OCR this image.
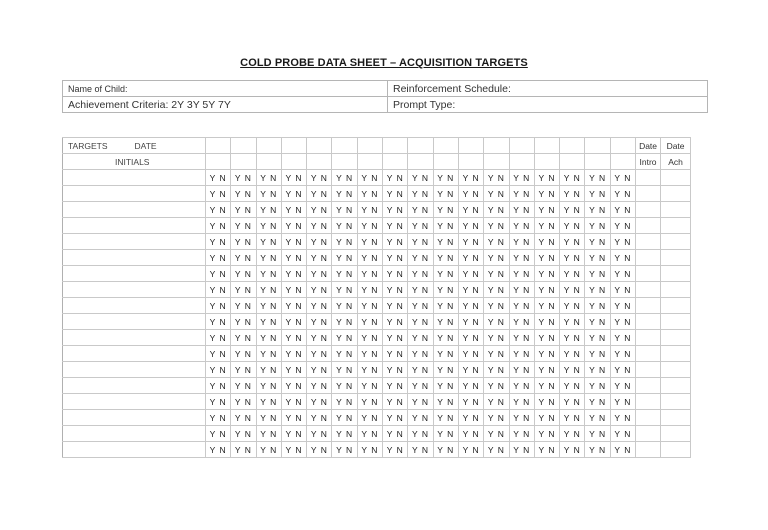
COLD PROBE DATA SHEET – ACQUISITION TARGETS
Name of Child:	Reinforcement Schedule:
Achievement Criteria: 2Y 3Y 5Y 7Y	Prompt Type:
TARGETS DATE																		Date	Date
INITIALS																		Intro	Ach
	Y N	Y N	Y N	Y N	Y N	Y N	Y N	Y N	Y N	Y N	Y N	Y N	Y N	Y N	Y N	Y N	Y N		
	Y N	Y N	Y N	Y N	Y N	Y N	Y N	Y N	Y N	Y N	Y N	Y N	Y N	Y N	Y N	Y N	Y N		
	Y N	Y N	Y N	Y N	Y N	Y N	Y N	Y N	Y N	Y N	Y N	Y N	Y N	Y N	Y N	Y N	Y N		
	Y N	Y N	Y N	Y N	Y N	Y N	Y N	Y N	Y N	Y N	Y N	Y N	Y N	Y N	Y N	Y N	Y N		
	Y N	Y N	Y N	Y N	Y N	Y N	Y N	Y N	Y N	Y N	Y N	Y N	Y N	Y N	Y N	Y N	Y N		
	Y N	Y N	Y N	Y N	Y N	Y N	Y N	Y N	Y N	Y N	Y N	Y N	Y N	Y N	Y N	Y N	Y N		
	Y N	Y N	Y N	Y N	Y N	Y N	Y N	Y N	Y N	Y N	Y N	Y N	Y N	Y N	Y N	Y N	Y N		
	Y N	Y N	Y N	Y N	Y N	Y N	Y N	Y N	Y N	Y N	Y N	Y N	Y N	Y N	Y N	Y N	Y N		
	Y N	Y N	Y N	Y N	Y N	Y N	Y N	Y N	Y N	Y N	Y N	Y N	Y N	Y N	Y N	Y N	Y N		
	Y N	Y N	Y N	Y N	Y N	Y N	Y N	Y N	Y N	Y N	Y N	Y N	Y N	Y N	Y N	Y N	Y N		
	Y N	Y N	Y N	Y N	Y N	Y N	Y N	Y N	Y N	Y N	Y N	Y N	Y N	Y N	Y N	Y N	Y N		
	Y N	Y N	Y N	Y N	Y N	Y N	Y N	Y N	Y N	Y N	Y N	Y N	Y N	Y N	Y N	Y N	Y N		
	Y N	Y N	Y N	Y N	Y N	Y N	Y N	Y N	Y N	Y N	Y N	Y N	Y N	Y N	Y N	Y N	Y N		
	Y N	Y N	Y N	Y N	Y N	Y N	Y N	Y N	Y N	Y N	Y N	Y N	Y N	Y N	Y N	Y N	Y N		
	Y N	Y N	Y N	Y N	Y N	Y N	Y N	Y N	Y N	Y N	Y N	Y N	Y N	Y N	Y N	Y N	Y N		
	Y N	Y N	Y N	Y N	Y N	Y N	Y N	Y N	Y N	Y N	Y N	Y N	Y N	Y N	Y N	Y N	Y N		
	Y N	Y N	Y N	Y N	Y N	Y N	Y N	Y N	Y N	Y N	Y N	Y N	Y N	Y N	Y N	Y N	Y N		
	Y N	Y N	Y N	Y N	Y N	Y N	Y N	Y N	Y N	Y N	Y N	Y N	Y N	Y N	Y N	Y N	Y N		
